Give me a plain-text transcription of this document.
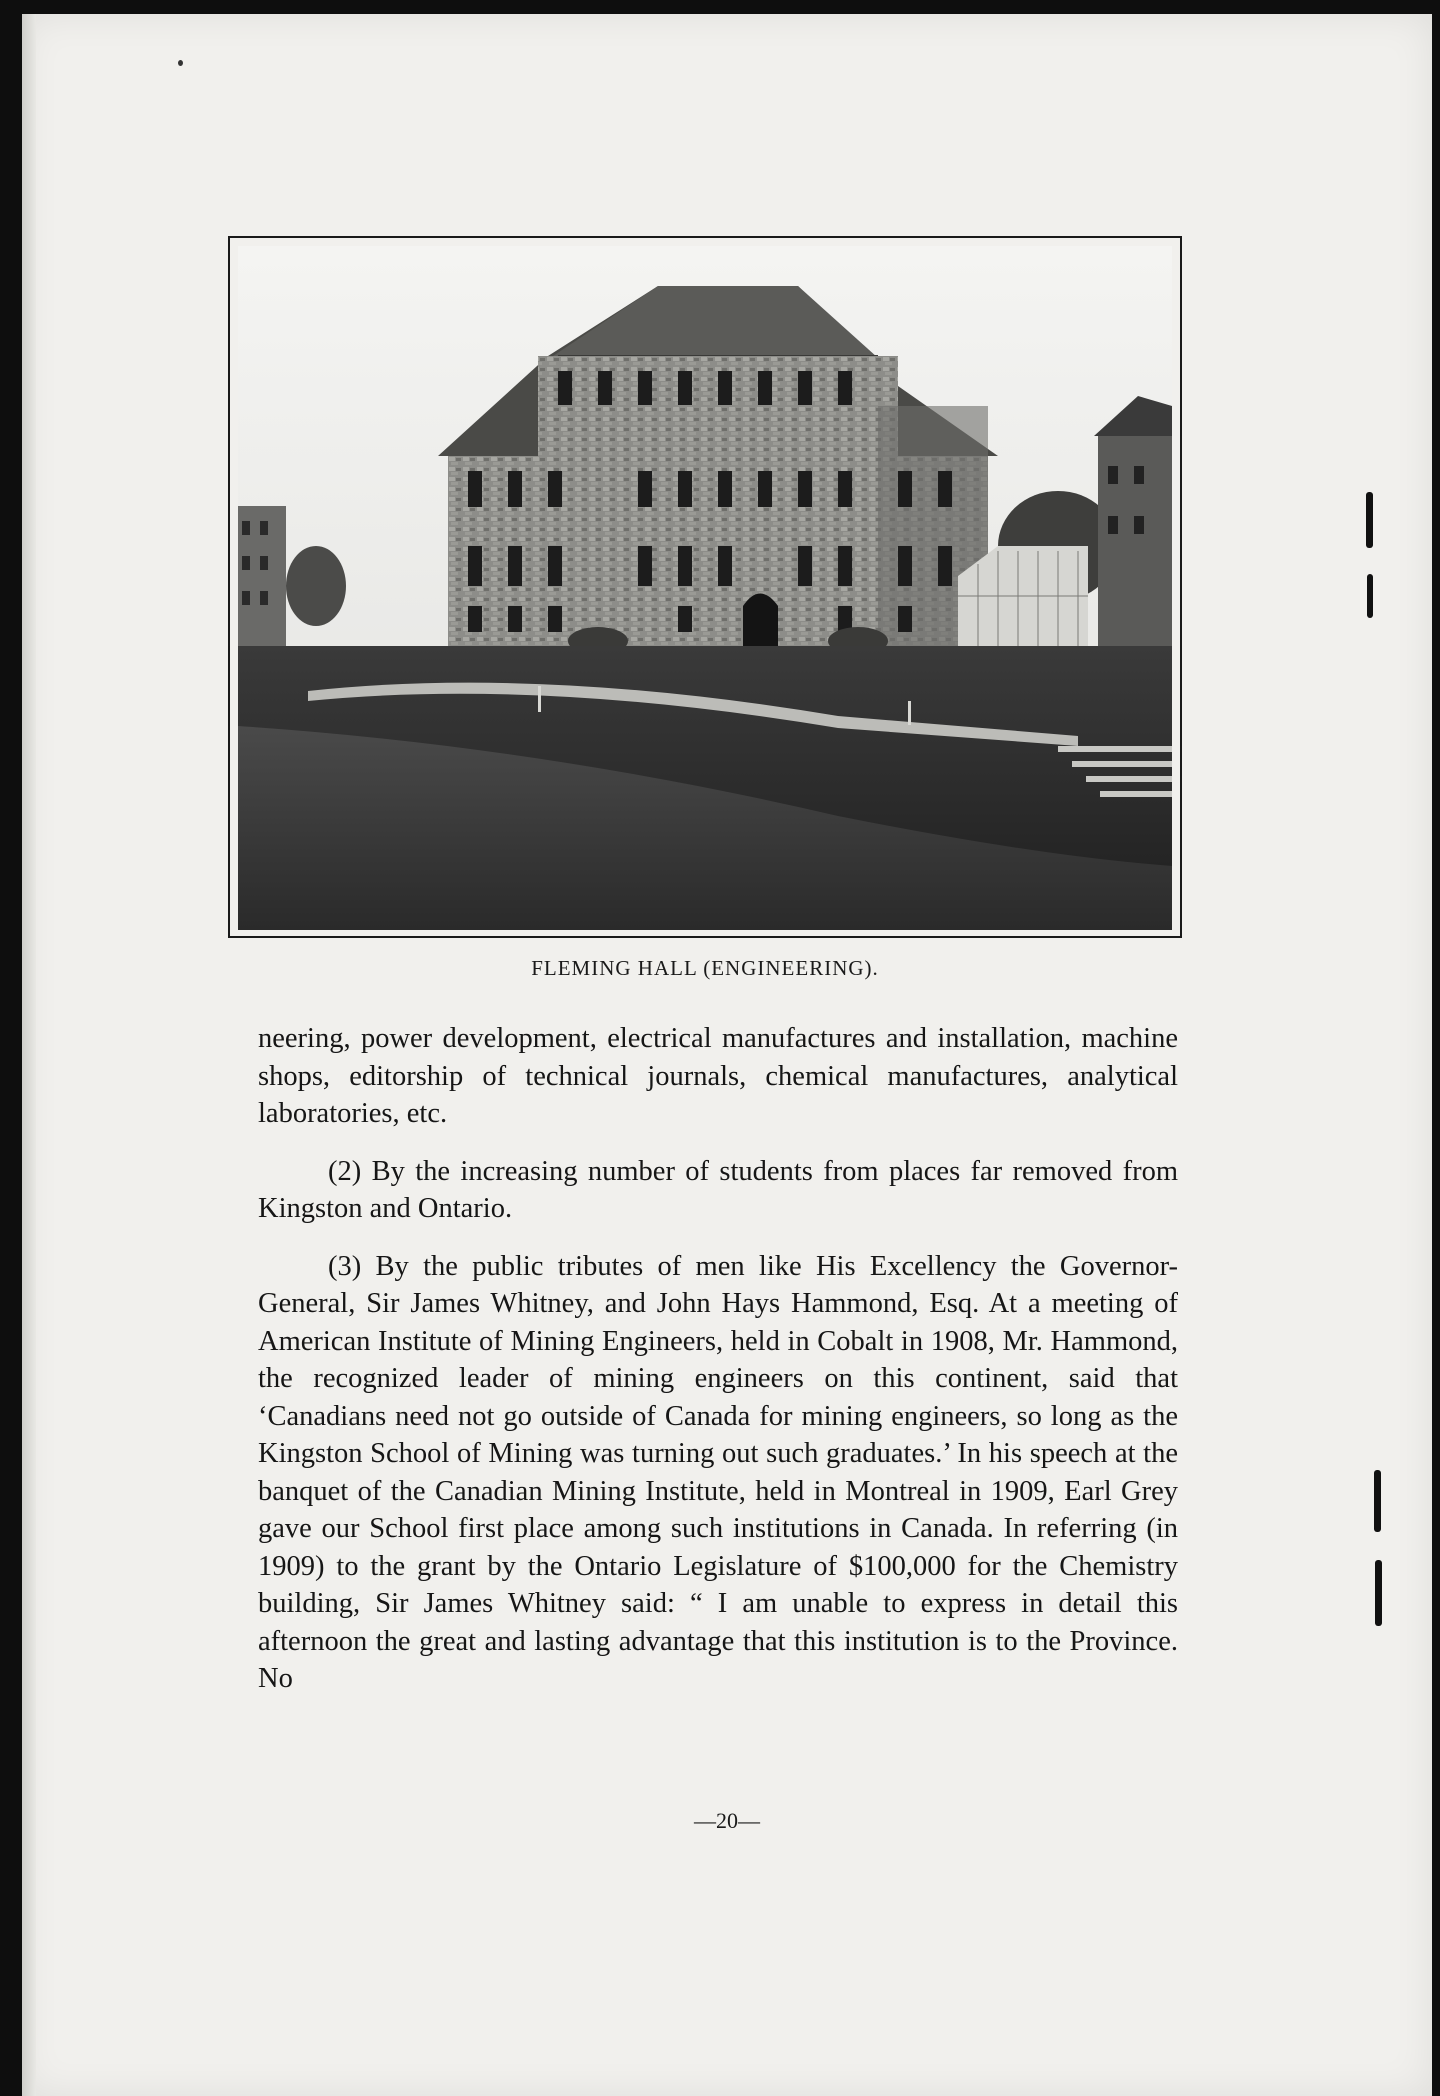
FLEMING HALL (ENGINEERING).

neering, power development, electrical manufactures and installation, machine shops, editorship of technical journals, chemical manufactures, analytical laboratories, etc.

(2) By the increasing number of students from places far removed from Kingston and Ontario.

(3) By the public tributes of men like His Excellency the Governor-General, Sir James Whitney, and John Hays Hammond, Esq. At a meeting of American Institute of Mining Engineers, held in Cobalt in 1908, Mr. Hammond, the recognized leader of mining engineers on this continent, said that ‘Canadians need not go outside of Canada for mining engineers, so long as the Kingston School of Mining was turning out such graduates.’ In his speech at the banquet of the Canadian Mining Institute, held in Montreal in 1909, Earl Grey gave our School first place among such institutions in Canada. In referring (in 1909) to the grant by the Ontario Legislature of $100,000 for the Chemistry building, Sir James Whitney said: “ I am unable to express in detail this afternoon the great and lasting advantage that this institution is to the Province. No

—20—
